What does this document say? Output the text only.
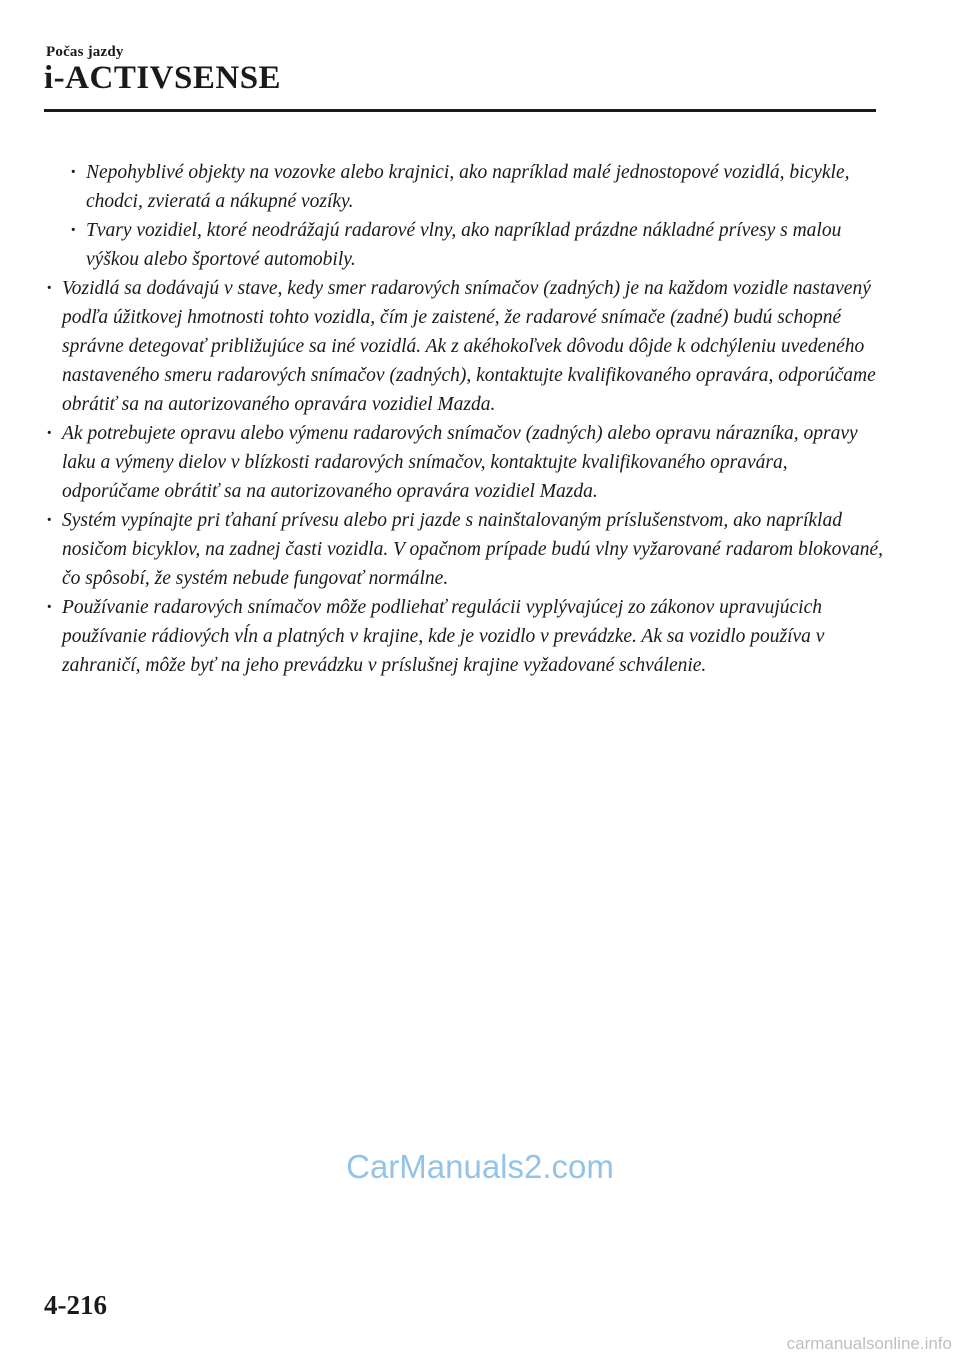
Počas jazdy
i-ACTIVSENSE

· Nepohyblivé objekty na vozovke alebo krajnici, ako napríklad malé jednostopové vozidlá, bicykle, chodci, zvieratá a nákupné vozíky.

· Tvary vozidiel, ktoré neodrážajú radarové vlny, ako napríklad prázdne nákladné prívesy s malou výškou alebo športové automobily.

· Vozidlá sa dodávajú v stave, kedy smer radarových snímačov (zadných) je na každom vozidle nastavený podľa úžitkovej hmotnosti tohto vozidla, čím je zaistené, že radarové snímače (zadné) budú schopné správne detegovať približujúce sa iné vozidlá. Ak z akéhokoľvek dôvodu dôjde k odchýleniu uvedeného nastaveného smeru radarových snímačov (zadných), kontaktujte kvalifikovaného opravára, odporúčame obrátiť sa na autorizovaného opravára vozidiel Mazda.

· Ak potrebujete opravu alebo výmenu radarových snímačov (zadných) alebo opravu nárazníka, opravy laku a výmeny dielov v blízkosti radarových snímačov, kontaktujte kvalifikovaného opravára, odporúčame obrátiť sa na autorizovaného opravára vozidiel Mazda.

· Systém vypínajte pri ťahaní prívesu alebo pri jazde s nainštalovaným príslušenstvom, ako napríklad nosičom bicyklov, na zadnej časti vozidla. V opačnom prípade budú vlny vyžarované radarom blokované, čo spôsobí, že systém nebude fungovať normálne.

· Používanie radarových snímačov môže podliehať regulácii vyplývajúcej zo zákonov upravujúcich používanie rádiových vĺn a platných v krajine, kde je vozidlo v prevádzke. Ak sa vozidlo používa v zahraničí, môže byť na jeho prevádzku v príslušnej krajine vyžadované schválenie.

CarManuals2.com
4-216
carmanualsonline.info
